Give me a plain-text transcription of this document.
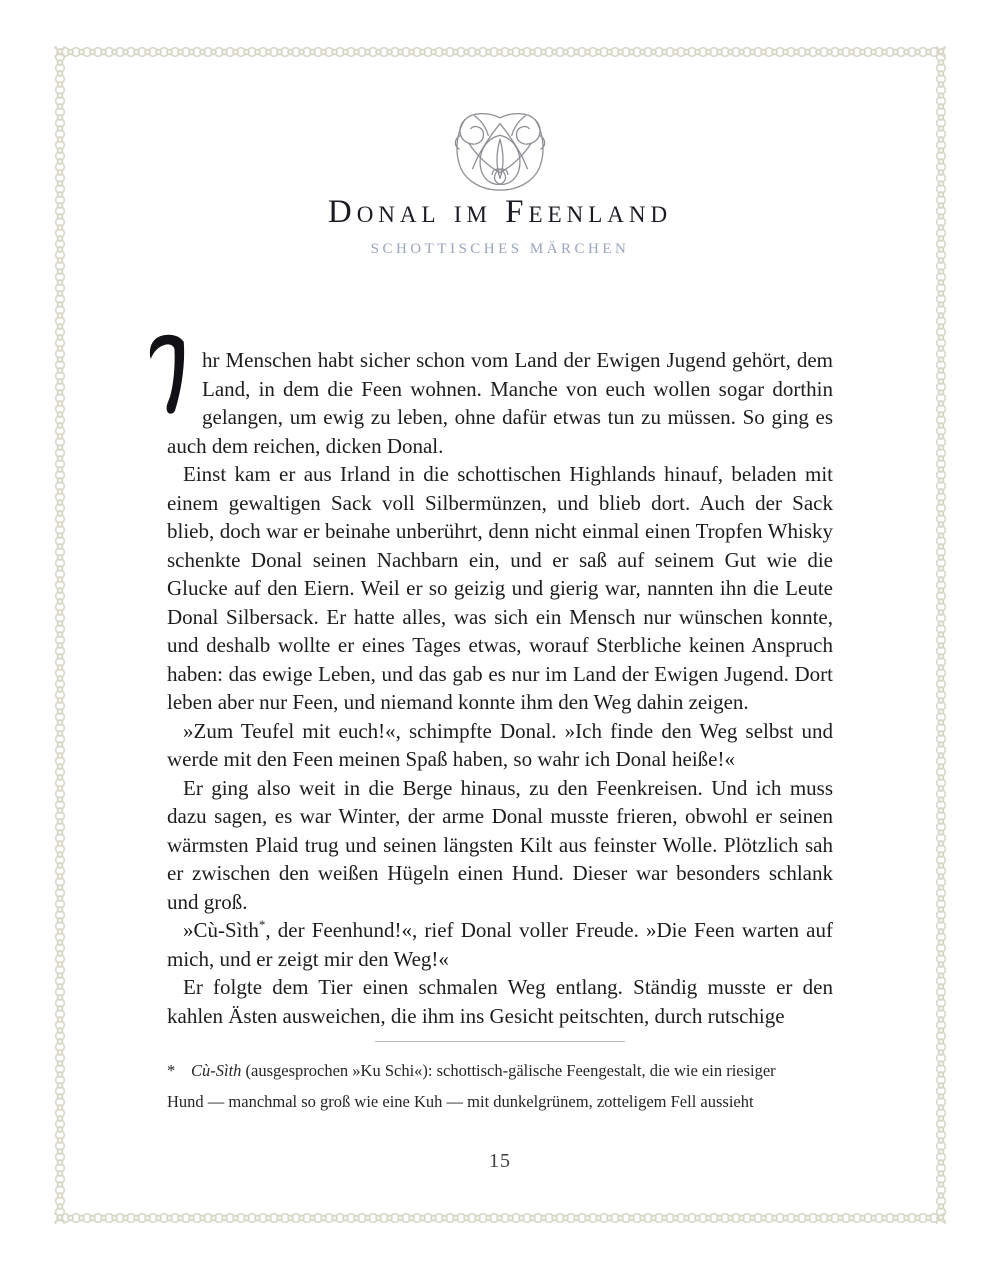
Donal im Feenland
SCHOTTISCHES MÄRCHEN

hr Menschen habt sicher schon vom Land der Ewigen Jugend gehört, dem Land, in dem die Feen wohnen. Manche von euch wollen sogar dorthin gelangen, um ewig zu leben, ohne dafür etwas tun zu müssen. So ging es auch dem reichen, dicken Donal.

Einst kam er aus Irland in die schottischen Highlands hinauf, beladen mit einem gewaltigen Sack voll Silbermünzen, und blieb dort. Auch der Sack blieb, doch war er beinahe unberührt, denn nicht einmal einen Tropfen Whisky schenkte Donal seinen Nachbarn ein, und er saß auf seinem Gut wie die Glucke auf den Eiern. Weil er so geizig und gierig war, nannten ihn die Leute Donal Silbersack. Er hatte alles, was sich ein Mensch nur wünschen konnte, und deshalb wollte er eines Tages etwas, worauf Sterbliche keinen Anspruch haben: das ewige Leben, und das gab es nur im Land der Ewigen Jugend. Dort leben aber nur Feen, und niemand konnte ihm den Weg dahin zeigen.

»Zum Teufel mit euch!«, schimpfte Donal. »Ich finde den Weg selbst und werde mit den Feen meinen Spaß haben, so wahr ich Donal heiße!«

Er ging also weit in die Berge hinaus, zu den Feenkreisen. Und ich muss dazu sagen, es war Winter, der arme Donal musste frieren, obwohl er seinen wärmsten Plaid trug und seinen längsten Kilt aus feinster Wolle. Plötzlich sah er zwischen den weißen Hügeln einen Hund. Dieser war besonders schlank und groß.

»Cù-Sìth*, der Feenhund!«, rief Donal voller Freude. »Die Feen warten auf mich, und er zeigt mir den Weg!«

Er folgte dem Tier einen schmalen Weg entlang. Ständig musste er den kahlen Ästen ausweichen, die ihm ins Gesicht peitschten, durch rutschige

* Cù-Sìth (ausgesprochen »Ku Schi«): schottisch-gälische Feengestalt, die wie ein riesiger Hund — manchmal so groß wie eine Kuh — mit dunkelgrünem, zotteligem Fell aussieht
15
